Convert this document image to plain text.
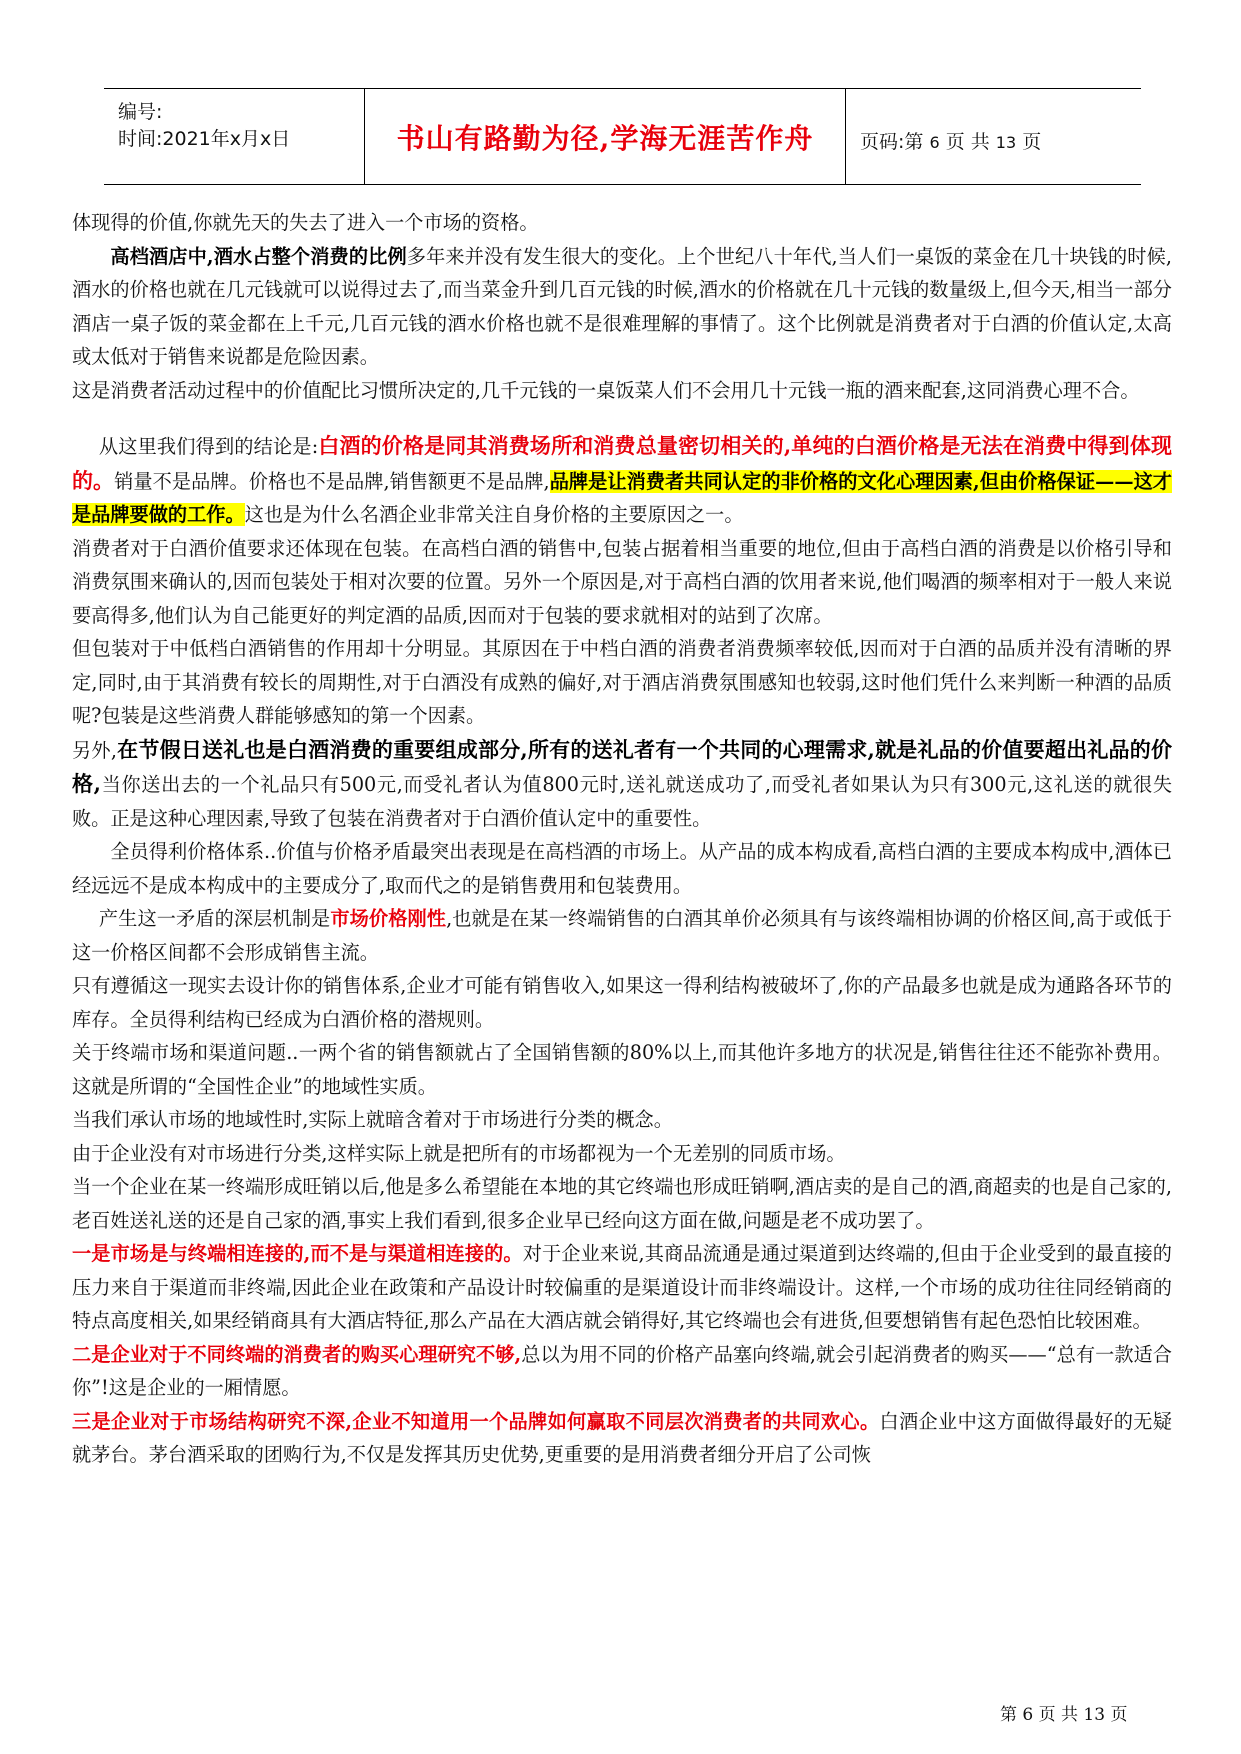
编号:
时间:2021年x月x日	书山有路勤为径,学海无涯苦作舟	页码:第 6 页 共 13 页

体现得的价值,你就先天的失去了进入一个市场的资格。

高档酒店中,酒水占整个消费的比例多年来并没有发生很大的变化。上个世纪八十年代,当人们一桌饭的菜金在几十块钱的时候,酒水的价格也就在几元钱就可以说得过去了,而当菜金升到几百元钱的时候,酒水的价格就在几十元钱的数量级上,但今天,相当一部分酒店一桌子饭的菜金都在上千元,几百元钱的酒水价格也就不是很难理解的事情了。这个比例就是消费者对于白酒的价值认定,太高或太低对于销售来说都是危险因素。

这是消费者活动过程中的价值配比习惯所决定的,几千元钱的一桌饭菜人们不会用几十元钱一瓶的酒来配套,这同消费心理不合。

从这里我们得到的结论是:白酒的价格是同其消费场所和消费总量密切相关的,单纯的白酒价格是无法在消费中得到体现的。销量不是品牌。价格也不是品牌,销售额更不是品牌,品牌是让消费者共同认定的非价格的文化心理因素,但由价格保证——这才是品牌要做的工作。这也是为什么名酒企业非常关注自身价格的主要原因之一。

消费者对于白酒价值要求还体现在包装。在高档白酒的销售中,包装占据着相当重要的地位,但由于高档白酒的消费是以价格引导和消费氛围来确认的,因而包装处于相对次要的位置。另外一个原因是,对于高档白酒的饮用者来说,他们喝酒的频率相对于一般人来说要高得多,他们认为自己能更好的判定酒的品质,因而对于包装的要求就相对的站到了次席。

但包装对于中低档白酒销售的作用却十分明显。其原因在于中档白酒的消费者消费频率较低,因而对于白酒的品质并没有清晰的界定,同时,由于其消费有较长的周期性,对于白酒没有成熟的偏好,对于酒店消费氛围感知也较弱,这时他们凭什么来判断一种酒的品质呢?包装是这些消费人群能够感知的第一个因素。

另外,在节假日送礼也是白酒消费的重要组成部分,所有的送礼者有一个共同的心理需求,就是礼品的价值要超出礼品的价格,当你送出去的一个礼品只有500元,而受礼者认为值800元时,送礼就送成功了,而受礼者如果认为只有300元,这礼送的就很失败。正是这种心理因素,导致了包装在消费者对于白酒价值认定中的重要性。

全员得利价格体系..价值与价格矛盾最突出表现是在高档酒的市场上。从产品的成本构成看,高档白酒的主要成本构成中,酒体已经远远不是成本构成中的主要成分了,取而代之的是销售费用和包装费用。

产生这一矛盾的深层机制是市场价格刚性,也就是在某一终端销售的白酒其单价必须具有与该终端相协调的价格区间,高于或低于这一价格区间都不会形成销售主流。

只有遵循这一现实去设计你的销售体系,企业才可能有销售收入,如果这一得利结构被破坏了,你的产品最多也就是成为通路各环节的库存。全员得利结构已经成为白酒价格的潜规则。

关于终端市场和渠道问题..一两个省的销售额就占了全国销售额的80%以上,而其他许多地方的状况是,销售往往还不能弥补费用。这就是所谓的“全国性企业”的地域性实质。

当我们承认市场的地域性时,实际上就暗含着对于市场进行分类的概念。

由于企业没有对市场进行分类,这样实际上就是把所有的市场都视为一个无差别的同质市场。

当一个企业在某一终端形成旺销以后,他是多么希望能在本地的其它终端也形成旺销啊,酒店卖的是自己的酒,商超卖的也是自己家的,老百姓送礼送的还是自己家的酒,事实上我们看到,很多企业早已经向这方面在做,问题是老不成功罢了。

一是市场是与终端相连接的,而不是与渠道相连接的。对于企业来说,其商品流通是通过渠道到达终端的,但由于企业受到的最直接的压力来自于渠道而非终端,因此企业在政策和产品设计时较偏重的是渠道设计而非终端设计。这样,一个市场的成功往往同经销商的特点高度相关,如果经销商具有大酒店特征,那么产品在大酒店就会销得好,其它终端也会有进货,但要想销售有起色恐怕比较困难。

二是企业对于不同终端的消费者的购买心理研究不够,总以为用不同的价格产品塞向终端,就会引起消费者的购买——“总有一款适合你”!这是企业的一厢情愿。

三是企业对于市场结构研究不深,企业不知道用一个品牌如何赢取不同层次消费者的共同欢心。白酒企业中这方面做得最好的无疑就茅台。茅台酒采取的团购行为,不仅是发挥其历史优势,更重要的是用消费者细分开启了公司恢

第 6 页 共 13 页
